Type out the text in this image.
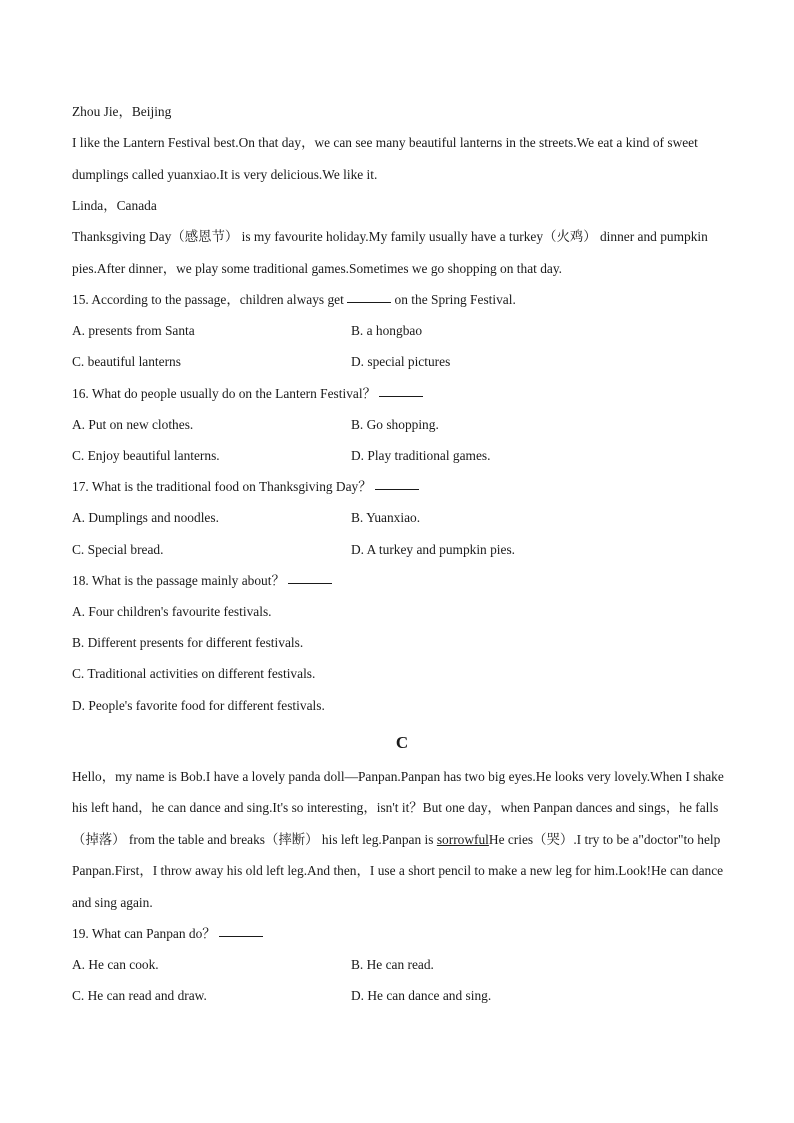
Zhou Jie，Beijing
I like the Lantern Festival best.On that day，we can see many beautiful lanterns in the streets.We eat a kind of sweet dumplings called yuanxiao.It is very delicious.We like it.
Linda，Canada
Thanksgiving Day（感恩节） is my favourite holiday.My family usually have a turkey（火鸡） dinner and pumpkin pies.After dinner，we play some traditional games.Sometimes we go shopping on that day.
15. According to the passage，children always get	on the Spring Festival.
A. presents from Santa	B. a hongbao
C. beautiful lanterns	D. special pictures
16. What do people usually do on the Lantern Festival？
A. Put on new clothes.	B. Go shopping.
C. Enjoy beautiful lanterns.	D. Play traditional games.
17. What is the traditional food on Thanksgiving Day？
A. Dumplings and noodles.	B. Yuanxiao.
C. Special bread.	D. A turkey and pumpkin pies.
18. What is the passage mainly about？
A. Four children's favourite festivals.
B. Different presents for different festivals.
C. Traditional activities on different festivals.
D. People's favorite food for different festivals.
C
Hello，my name is Bob.I have a lovely panda doll—Panpan.Panpan has two big eyes.He looks very lovely.When I shake his left hand，he can dance and sing.It's so interesting，isn't it？But one day，when Panpan dances and sings，he falls（掉落） from the table and breaks（摔断） his left leg.Panpan is sorrowfulHe cries（哭）.I try to be a"doctor"to help Panpan.First，I throw away his old left leg.And then，I use a short pencil to make a new leg for him.Look!He can dance and sing again.
19. What can Panpan do？
A. He can cook.	B. He can read.
C. He can read and draw.	D. He can dance and sing.
